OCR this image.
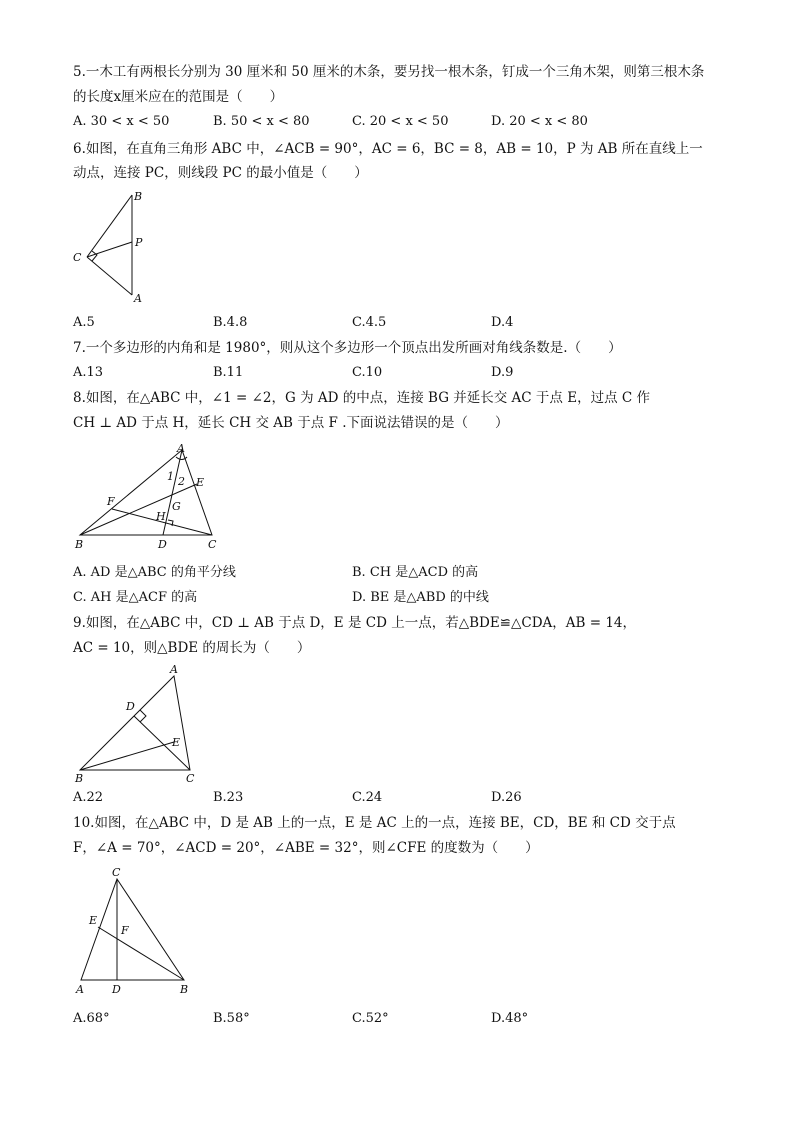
5.一木工有两根长分别为 30 厘米和 50 厘米的木条，要另找一根木条，钉成一个三角木架，则第三根木条
的长度x厘米应在的范围是（　　）
A. 30 < x < 50	B. 50 < x < 80	C. 20 < x < 50	D. 20 < x < 80
6.如图，在直角三角形 ABC 中，∠ACB = 90°，AC = 6，BC = 8，AB = 10，P 为 AB 所在直线上一
动点，连接 PC，则线段 PC 的最小值是（　　）
B
P
C
A
A.5	B.4.8	C.4.5	D.4
7.一个多边形的内角和是 1980°，则从这个多边形一个顶点出发所画对角线条数是.（　　）
A.13	B.11	C.10	D.9
8.如图，在△ABC 中，∠1 = ∠2，G 为 AD 的中点，连接 BG 并延长交 AC 于点 E，过点 C 作
CH ⊥ AD 于点 H，延长 CH 交 AB 于点 F .下面说法错误的是（　　）
A
1 2 E
F	G
H
B	D	C
A. AD 是△ABC 的角平分线	B. CH 是△ACD 的高
C. AH 是△ACF 的高	D. BE 是△ABD 的中线
9.如图，在△ABC 中，CD ⊥ AB 于点 D，E 是 CD 上一点，若△BDE≌△CDA，AB = 14，
AC = 10，则△BDE 的周长为（　　）
A
D
E
B	C
A.22	B.23	C.24	D.26
10.如图，在△ABC 中，D 是 AB 上的一点，E 是 AC 上的一点，连接 BE，CD，BE 和 CD 交于点
F，∠A = 70°，∠ACD = 20°，∠ABE = 32°，则∠CFE 的度数为（　　）
C
E
F
A	D	B
A.68°	B.58°	C.52°	D.48°
